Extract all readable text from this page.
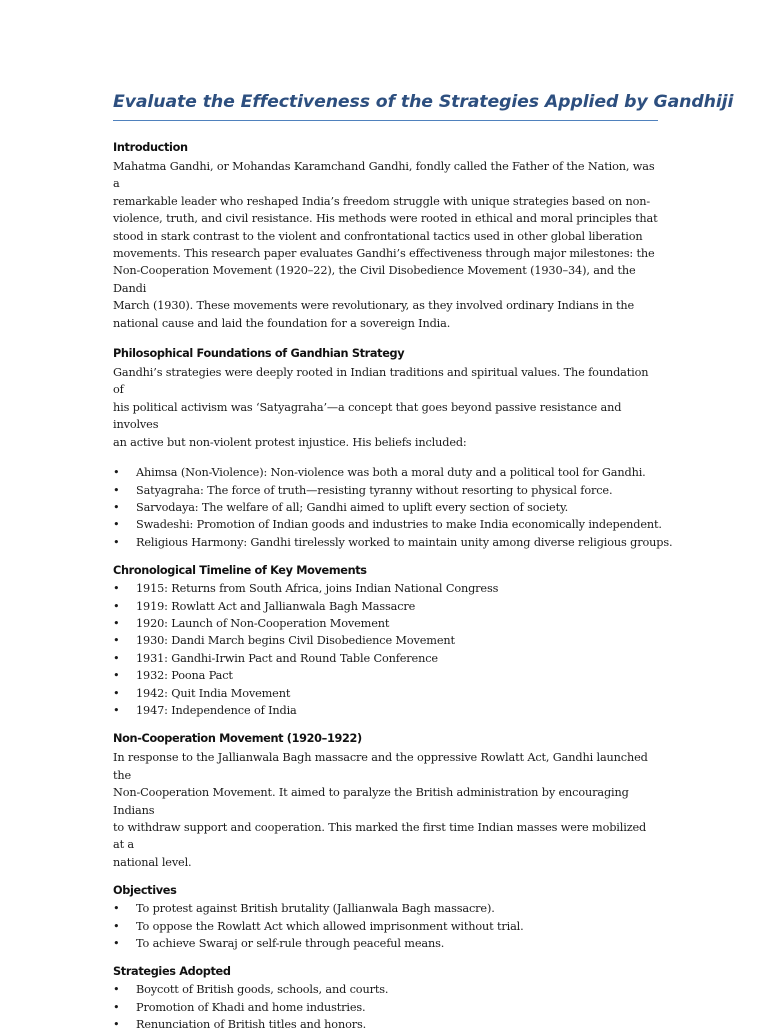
Evaluate the Effectiveness of the Strategies Applied by Gandhiji
Introduction

Mahatma Gandhi, or Mohandas Karamchand Gandhi, fondly called the Father of the Nation, was a
remarkable leader who reshaped India’s freedom struggle with unique strategies based on non-
violence, truth, and civil resistance. His methods were rooted in ethical and moral principles that
stood in stark contrast to the violent and confrontational tactics used in other global liberation
movements. This research paper evaluates Gandhi’s effectiveness through major milestones: the
Non-Cooperation Movement (1920–22), the Civil Disobedience Movement (1930–34), and the Dandi
March (1930). These movements were revolutionary, as they involved ordinary Indians in the
national cause and laid the foundation for a sovereign India.

Philosophical Foundations of Gandhian Strategy

Gandhi’s strategies were deeply rooted in Indian traditions and spiritual values. The foundation of
his political activism was ‘Satyagraha’—a concept that goes beyond passive resistance and involves
an active but non-violent protest injustice. His beliefs included:

• Ahimsa (Non-Violence): Non-violence was both a moral duty and a political tool for Gandhi.
• Satyagraha: The force of truth—resisting tyranny without resorting to physical force.
• Sarvodaya: The welfare of all; Gandhi aimed to uplift every section of society.
• Swadeshi: Promotion of Indian goods and industries to make India economically independent.
• Religious Harmony: Gandhi tirelessly worked to maintain unity among diverse religious groups.
Chronological Timeline of Key Movements
• 1915: Returns from South Africa, joins Indian National Congress
• 1919: Rowlatt Act and Jallianwala Bagh Massacre
• 1920: Launch of Non-Cooperation Movement
• 1930: Dandi March begins Civil Disobedience Movement
• 1931: Gandhi-Irwin Pact and Round Table Conference
• 1932: Poona Pact
• 1942: Quit India Movement
• 1947: Independence of India
Non-Cooperation Movement (1920–1922)

In response to the Jallianwala Bagh massacre and the oppressive Rowlatt Act, Gandhi launched the
Non-Cooperation Movement. It aimed to paralyze the British administration by encouraging Indians
to withdraw support and cooperation. This marked the first time Indian masses were mobilized at a
national level.

Objectives
• To protest against British brutality (Jallianwala Bagh massacre).
• To oppose the Rowlatt Act which allowed imprisonment without trial.
• To achieve Swaraj or self-rule through peaceful means.
Strategies Adopted
• Boycott of British goods, schools, and courts.
• Promotion of Khadi and home industries.
• Renunciation of British titles and honors.
